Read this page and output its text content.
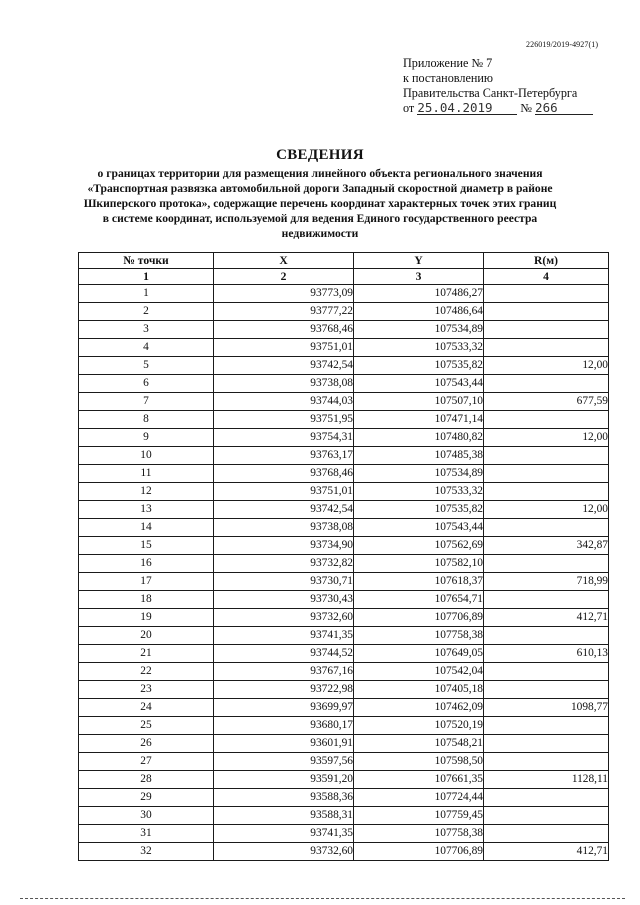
226019/2019-4927(1)
Приложение № 7
к постановлению
Правительства Санкт-Петербурга
от 25.04.2019 № 266
СВЕДЕНИЯ
о границах территории для размещения линейного объекта регионального значения
«Транспортная развязка автомобильной дороги Западный скоростной диаметр в районе
Шкиперского протока», содержащие перечень координат характерных точек этих границ
в системе координат, используемой для ведения Единого государственного реестра
недвижимости
№ точки	X	Y	R(м)
1	2	3	4
1	93773,09	107486,27	
2	93777,22	107486,64	
3	93768,46	107534,89	
4	93751,01	107533,32	
5	93742,54	107535,82	12,00
6	93738,08	107543,44	
7	93744,03	107507,10	677,59
8	93751,95	107471,14	
9	93754,31	107480,82	12,00
10	93763,17	107485,38	
11	93768,46	107534,89	
12	93751,01	107533,32	
13	93742,54	107535,82	12,00
14	93738,08	107543,44	
15	93734,90	107562,69	342,87
16	93732,82	107582,10	
17	93730,71	107618,37	718,99
18	93730,43	107654,71	
19	93732,60	107706,89	412,71
20	93741,35	107758,38	
21	93744,52	107649,05	610,13
22	93767,16	107542,04	
23	93722,98	107405,18	
24	93699,97	107462,09	1098,77
25	93680,17	107520,19	
26	93601,91	107548,21	
27	93597,56	107598,50	
28	93591,20	107661,35	1128,11
29	93588,36	107724,44	
30	93588,31	107759,45	
31	93741,35	107758,38	
32	93732,60	107706,89	412,71
